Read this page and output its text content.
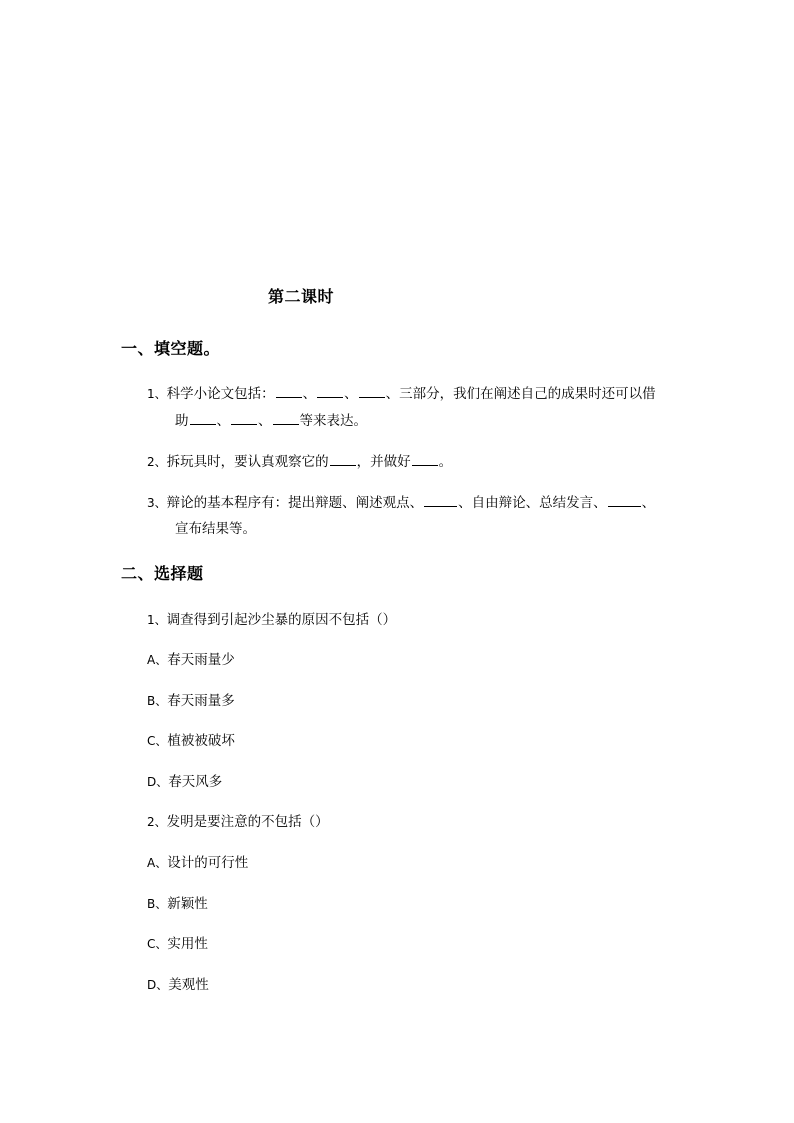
第二课时
一、填空题。
1、科学小论文包括： 、 、 、三部分，我们在阐述自己的成果时还可以借
助 、 、 等来表达。
2、拆玩具时，要认真观察它的 ，并做好 。
3、辩论的基本程序有：提出辩题、阐述观点、	、自由辩论、总结发言、	、
宣布结果等。
二、选择题
1、调查得到引起沙尘暴的原因不包括（）
A、春天雨量少
B、春天雨量多
C、植被被破坏
D、春天风多
2、发明是要注意的不包括（）
A、设计的可行性
B、新颖性
C、实用性
D、美观性
